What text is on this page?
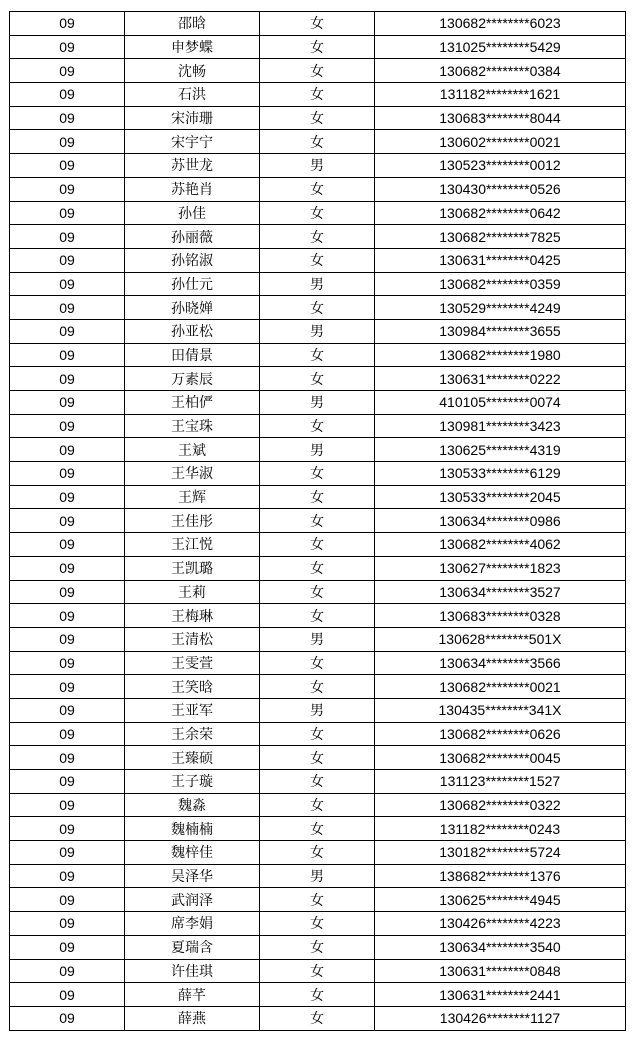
09	邵晗	女	130682********6023
09	申梦蝶	女	131025********5429
09	沈畅	女	130682********0384
09	石洪	女	131182********1621
09	宋沛珊	女	130683********8044
09	宋宇宁	女	130602********0021
09	苏世龙	男	130523********0012
09	苏艳肖	女	130430********0526
09	孙佳	女	130682********0642
09	孙丽薇	女	130682********7825
09	孙铭淑	女	130631********0425
09	孙仕元	男	130682********0359
09	孙晓婵	女	130529********4249
09	孙亚松	男	130984********3655
09	田倩景	女	130682********1980
09	万素辰	女	130631********0222
09	王柏俨	男	410105********0074
09	王宝珠	女	130981********3423
09	王斌	男	130625********4319
09	王华淑	女	130533********6129
09	王辉	女	130533********2045
09	王佳彤	女	130634********0986
09	王江悦	女	130682********4062
09	王凯璐	女	130627********1823
09	王莉	女	130634********3527
09	王梅琳	女	130683********0328
09	王清松	男	130628********501X
09	王雯萱	女	130634********3566
09	王笑晗	女	130682********0021
09	王亚军	男	130435********341X
09	王余荣	女	130682********0626
09	王臻硕	女	130682********0045
09	王子璇	女	131123********1527
09	魏淼	女	130682********0322
09	魏楠楠	女	131182********0243
09	魏梓佳	女	130182********5724
09	吴泽华	男	138682********1376
09	武润泽	女	130625********4945
09	席李娟	女	130426********4223
09	夏瑞含	女	130634********3540
09	许佳琪	女	130631********0848
09	薛芊	女	130631********2441
09	薛燕	女	130426********1127
